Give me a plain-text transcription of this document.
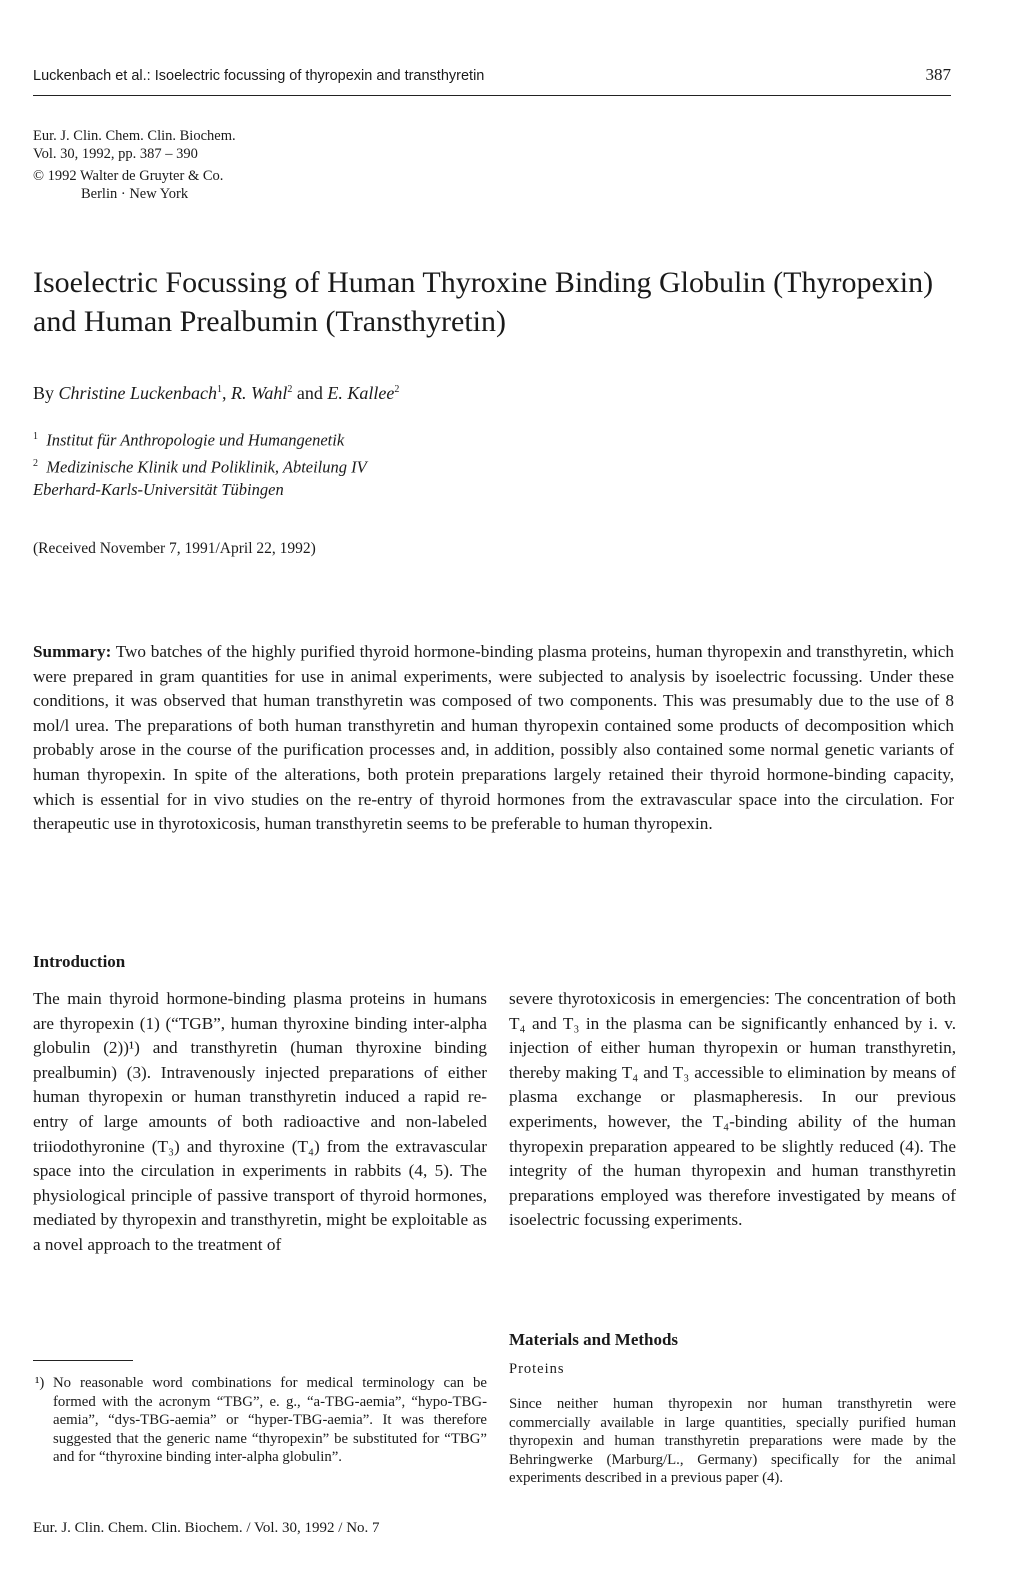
Luckenbach et al.: Isoelectric focussing of thyropexin and transthyretin	387
Eur. J. Clin. Chem. Clin. Biochem.
Vol. 30, 1992, pp. 387 – 390
© 1992 Walter de Gruyter & Co.
Berlin · New York
Isoelectric Focussing of Human Thyroxine Binding Globulin (Thyropexin)
and Human Prealbumin (Transthyretin)
By Christine Luckenbach$^1$, R. Wahl$^2$ and E. Kallee$^2$
$^1$ Institut für Anthropologie und Humangenetik
$^2$ Medizinische Klinik und Poliklinik, Abteilung IV
Eberhard-Karls-Universität Tübingen
(Received November 7, 1991/April 22, 1992)
Summary: Two batches of the highly purified thyroid hormone-binding plasma proteins, human thyropexin and transthyretin, which were prepared in gram quantities for use in animal experiments, were subjected to analysis by isoelectric focussing. Under these conditions, it was observed that human transthyretin was composed of two components. This was presumably due to the use of 8 mol/l urea. The preparations of both human transthyretin and human thyropexin contained some products of decomposition which probably arose in the course of the purification processes and, in addition, possibly also contained some normal genetic variants of human thyropexin. In spite of the alterations, both protein preparations largely retained their thyroid hormone-binding capacity, which is essential for in vivo studies on the re-entry of thyroid hormones from the extravascular space into the circulation. For therapeutic use in thyrotoxicosis, human transthyretin seems to be preferable to human thyropexin.
Introduction
The main thyroid hormone-binding plasma proteins in humans are thyropexin (1) (“TGB”, human thyroxine binding inter-alpha globulin (2))¹) and transthyretin (human thyroxine binding prealbumin) (3). Intravenously injected preparations of either human thyropexin or human transthyretin induced a rapid re-entry of large amounts of both radioactive and non-labeled triiodothyronine (T₃) and thyroxine (T₄) from the extravascular space into the circulation in experiments in rabbits (4, 5). The physiological principle of passive transport of thyroid hormones, mediated by thyropexin and transthyretin, might be exploitable as a novel approach to the treatment of
severe thyrotoxicosis in emergencies: The concentration of both T₄ and T₃ in the plasma can be significantly enhanced by i. v. injection of either human thyropexin or human transthyretin, thereby making T₄ and T₃ accessible to elimination by means of plasma exchange or plasmapheresis. In our previous experiments, however, the T₄-binding ability of the human thyropexin preparation appeared to be slightly reduced (4). The integrity of the human thyropexin and human transthyretin preparations employed was therefore investigated by means of isoelectric focussing experiments.
Materials and Methods
Proteins
Since neither human thyropexin nor human transthyretin were commercially available in large quantities, specially purified human thyropexin and human transthyretin preparations were made by the Behringwerke (Marburg/L., Germany) specifically for the animal experiments described in a previous paper (4).
¹) No reasonable word combinations for medical terminology can be formed with the acronym “TBG”, e. g., “a-TBG-aemia”, “hypo-TBG-aemia”, “dys-TBG-aemia” or “hyper-TBG-aemia”. It was therefore suggested that the generic name “thyropexin” be substituted for “TBG” and for “thyroxine binding inter-alpha globulin”.
Eur. J. Clin. Chem. Clin. Biochem. / Vol. 30, 1992 / No. 7
